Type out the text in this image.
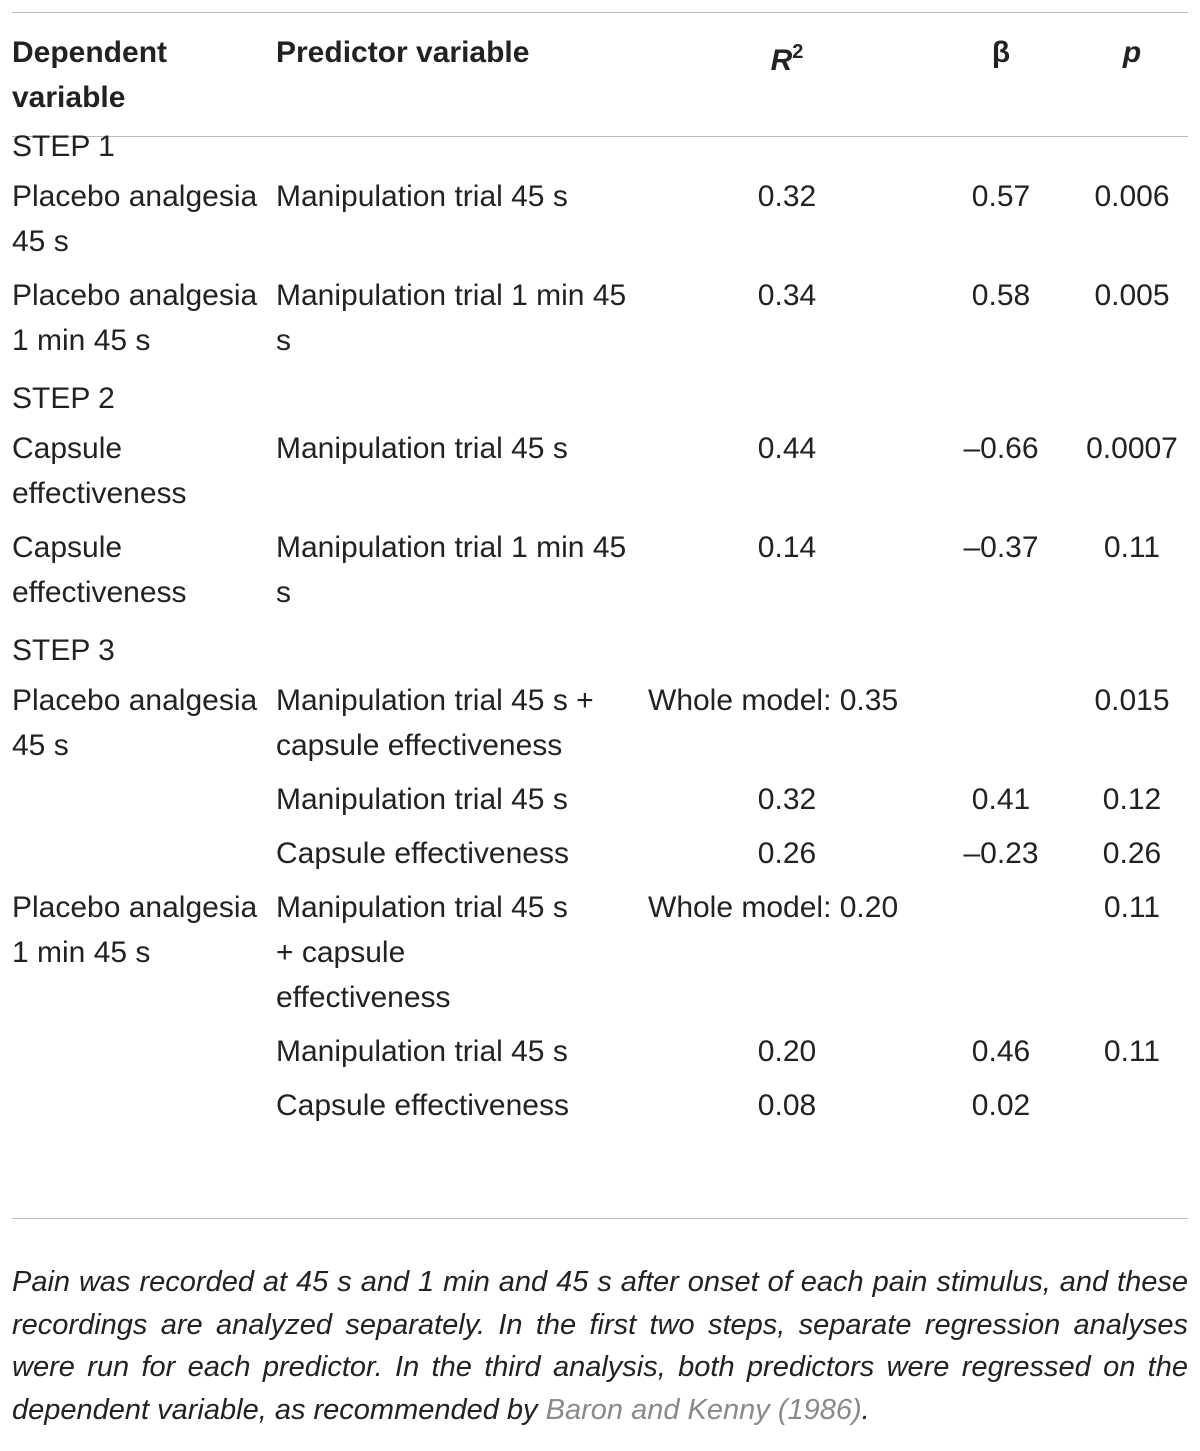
Dependent variable	Predictor variable	$R^2$	β	p
STEP 1				
Placebo analgesia 45 s	Manipulation trial 45 s	0.32	0.57	0.006
Placebo analgesia 1 min 45 s	Manipulation trial 1 min 45 s	0.34	0.58	0.005
STEP 2				
Capsule effectiveness	Manipulation trial 45 s	0.44	–0.66	0.0007
Capsule effectiveness	Manipulation trial 1 min 45 s	0.14	–0.37	0.11
STEP 3				
Placebo analgesia 45 s	Manipulation trial 45 s + capsule effectiveness	Whole model: 0.35		0.015
	Manipulation trial 45 s	0.32	0.41	0.12
	Capsule effectiveness	0.26	–0.23	0.26
Placebo analgesia 1 min 45 s	Manipulation trial 45 s + capsule effectiveness	Whole model: 0.20		0.11
	Manipulation trial 45 s	0.20	0.46	0.11
	Capsule effectiveness	0.08	0.02	

Pain was recorded at 45 s and 1 min and 45 s after onset of each pain stimulus, and these recordings are analyzed separately. In the first two steps, separate regression analyses were run for each predictor. In the third analysis, both predictors were regressed on the dependent variable, as recommended by Baron and Kenny (1986).
